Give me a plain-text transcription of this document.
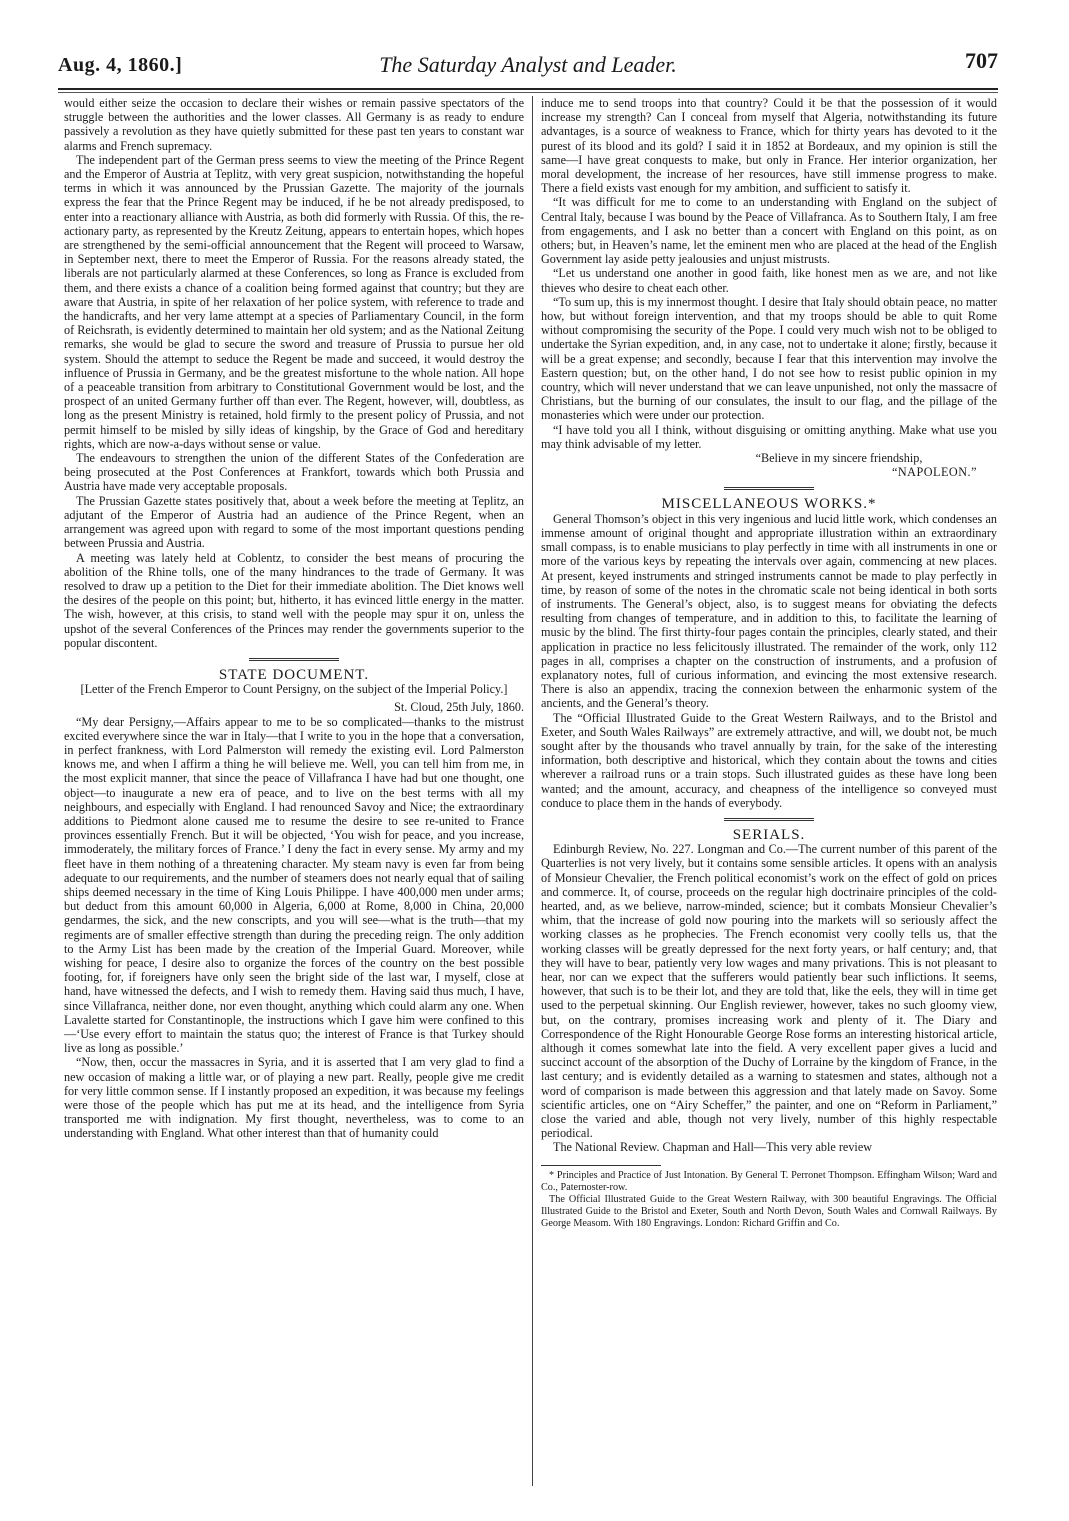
Aug. 4, 1860.]	The Saturday Analyst and Leader.	707

would either seize the occasion to declare their wishes or remain passive spectators of the struggle between the authorities and the lower classes. All Germany is as ready to endure passively a revolution as they have quietly submitted for these past ten years to constant war alarms and French supremacy.

The independent part of the German press seems to view the meeting of the Prince Regent and the Emperor of Austria at Teplitz, with very great suspicion, notwithstanding the hopeful terms in which it was announced by the Prussian Gazette. The majority of the journals express the fear that the Prince Regent may be induced, if he be not already predisposed, to enter into a reactionary alliance with Austria, as both did formerly with Russia. Of this, the re-actionary party, as represented by the Kreutz Zeitung, appears to entertain hopes, which hopes are strengthened by the semi-official announcement that the Regent will proceed to Warsaw, in September next, there to meet the Emperor of Russia. For the reasons already stated, the liberals are not particularly alarmed at these Conferences, so long as France is excluded from them, and there exists a chance of a coalition being formed against that country; but they are aware that Austria, in spite of her relaxation of her police system, with reference to trade and the handicrafts, and her very lame attempt at a species of Parliamentary Council, in the form of Reichsrath, is evidently determined to maintain her old system; and as the National Zeitung remarks, she would be glad to secure the sword and treasure of Prussia to pursue her old system. Should the attempt to seduce the Regent be made and succeed, it would destroy the influence of Prussia in Germany, and be the greatest misfortune to the whole nation. All hope of a peaceable transition from arbitrary to Constitutional Government would be lost, and the prospect of an united Germany further off than ever. The Regent, however, will, doubtless, as long as the present Ministry is retained, hold firmly to the present policy of Prussia, and not permit himself to be misled by silly ideas of kingship, by the Grace of God and hereditary rights, which are now-a-days without sense or value.

The endeavours to strengthen the union of the different States of the Confederation are being prosecuted at the Post Conferences at Frankfort, towards which both Prussia and Austria have made very acceptable proposals.

The Prussian Gazette states positively that, about a week before the meeting at Teplitz, an adjutant of the Emperor of Austria had an audience of the Prince Regent, when an arrangement was agreed upon with regard to some of the most important questions pending between Prussia and Austria.

A meeting was lately held at Coblentz, to consider the best means of procuring the abolition of the Rhine tolls, one of the many hindrances to the trade of Germany. It was resolved to draw up a petition to the Diet for their immediate abolition. The Diet knows well the desires of the people on this point; but, hitherto, it has evinced little energy in the matter. The wish, however, at this crisis, to stand well with the people may spur it on, unless the upshot of the several Conferences of the Princes may render the governments superior to the popular discontent.

STATE DOCUMENT.

[Letter of the French Emperor to Count Persigny, on the subject of the Imperial Policy.]

St. Cloud, 25th July, 1860.

“My dear Persigny,—Affairs appear to me to be so complicated—thanks to the mistrust excited everywhere since the war in Italy—that I write to you in the hope that a conversation, in perfect frankness, with Lord Palmerston will remedy the existing evil. Lord Palmerston knows me, and when I affirm a thing he will believe me. Well, you can tell him from me, in the most explicit manner, that since the peace of Villafranca I have had but one thought, one object—to inaugurate a new era of peace, and to live on the best terms with all my neighbours, and especially with England. I had renounced Savoy and Nice; the extraordinary additions to Piedmont alone caused me to resume the desire to see re-united to France provinces essentially French. But it will be objected, ‘You wish for peace, and you increase, immoderately, the military forces of France.’ I deny the fact in every sense. My army and my fleet have in them nothing of a threatening character. My steam navy is even far from being adequate to our requirements, and the number of steamers does not nearly equal that of sailing ships deemed necessary in the time of King Louis Philippe. I have 400,000 men under arms; but deduct from this amount 60,000 in Algeria, 6,000 at Rome, 8,000 in China, 20,000 gendarmes, the sick, and the new conscripts, and you will see—what is the truth—that my regiments are of smaller effective strength than during the preceding reign. The only addition to the Army List has been made by the creation of the Imperial Guard. Moreover, while wishing for peace, I desire also to organize the forces of the country on the best possible footing, for, if foreigners have only seen the bright side of the last war, I myself, close at hand, have witnessed the defects, and I wish to remedy them. Having said thus much, I have, since Villafranca, neither done, nor even thought, anything which could alarm any one. When Lavalette started for Constantinople, the instructions which I gave him were confined to this—‘Use every effort to maintain the status quo; the interest of France is that Turkey should live as long as possible.’

“Now, then, occur the massacres in Syria, and it is asserted that I am very glad to find a new occasion of making a little war, or of playing a new part. Really, people give me credit for very little common sense. If I instantly proposed an expedition, it was because my feelings were those of the people which has put me at its head, and the intelligence from Syria transported me with indignation. My first thought, nevertheless, was to come to an understanding with England. What other interest than that of humanity could

induce me to send troops into that country? Could it be that the possession of it would increase my strength? Can I conceal from myself that Algeria, notwithstanding its future advantages, is a source of weakness to France, which for thirty years has devoted to it the purest of its blood and its gold? I said it in 1852 at Bordeaux, and my opinion is still the same—I have great conquests to make, but only in France. Her interior organization, her moral development, the increase of her resources, have still immense progress to make. There a field exists vast enough for my ambition, and sufficient to satisfy it.

“It was difficult for me to come to an understanding with England on the subject of Central Italy, because I was bound by the Peace of Villafranca. As to Southern Italy, I am free from engagements, and I ask no better than a concert with England on this point, as on others; but, in Heaven’s name, let the eminent men who are placed at the head of the English Government lay aside petty jealousies and unjust mistrusts.

“Let us understand one another in good faith, like honest men as we are, and not like thieves who desire to cheat each other.

“To sum up, this is my innermost thought. I desire that Italy should obtain peace, no matter how, but without foreign intervention, and that my troops should be able to quit Rome without compromising the security of the Pope. I could very much wish not to be obliged to undertake the Syrian expedition, and, in any case, not to undertake it alone; firstly, because it will be a great expense; and secondly, because I fear that this intervention may involve the Eastern question; but, on the other hand, I do not see how to resist public opinion in my country, which will never understand that we can leave unpunished, not only the massacre of Christians, but the burning of our consulates, the insult to our flag, and the pillage of the monasteries which were under our protection.

“I have told you all I think, without disguising or omitting anything. Make what use you may think advisable of my letter.

“Believe in my sincere friendship,

“NAPOLEON.”

MISCELLANEOUS WORKS.*

General Thomson’s object in this very ingenious and lucid little work, which condenses an immense amount of original thought and appropriate illustration within an extraordinary small compass, is to enable musicians to play perfectly in time with all instruments in one or more of the various keys by repeating the intervals over again, commencing at new places. At present, keyed instruments and stringed instruments cannot be made to play perfectly in time, by reason of some of the notes in the chromatic scale not being identical in both sorts of instruments. The General’s object, also, is to suggest means for obviating the defects resulting from changes of temperature, and in addition to this, to facilitate the learning of music by the blind. The first thirty-four pages contain the principles, clearly stated, and their application in practice no less felicitously illustrated. The remainder of the work, only 112 pages in all, comprises a chapter on the construction of instruments, and a profusion of explanatory notes, full of curious information, and evincing the most extensive research. There is also an appendix, tracing the connexion between the enharmonic system of the ancients, and the General’s theory.

The “Official Illustrated Guide to the Great Western Railways, and to the Bristol and Exeter, and South Wales Railways” are extremely attractive, and will, we doubt not, be much sought after by the thousands who travel annually by train, for the sake of the interesting information, both descriptive and historical, which they contain about the towns and cities wherever a railroad runs or a train stops. Such illustrated guides as these have long been wanted; and the amount, accuracy, and cheapness of the intelligence so conveyed must conduce to place them in the hands of everybody.

SERIALS.

Edinburgh Review, No. 227. Longman and Co.—The current number of this parent of the Quarterlies is not very lively, but it contains some sensible articles. It opens with an analysis of Monsieur Chevalier, the French political economist’s work on the effect of gold on prices and commerce. It, of course, proceeds on the regular high doctrinaire principles of the cold-hearted, and, as we believe, narrow-minded, science; but it combats Monsieur Chevalier’s whim, that the increase of gold now pouring into the markets will so seriously affect the working classes as he prophecies. The French economist very coolly tells us, that the working classes will be greatly depressed for the next forty years, or half century; and, that they will have to bear, patiently very low wages and many privations. This is not pleasant to hear, nor can we expect that the sufferers would patiently bear such inflictions. It seems, however, that such is to be their lot, and they are told that, like the eels, they will in time get used to the perpetual skinning. Our English reviewer, however, takes no such gloomy view, but, on the contrary, promises increasing work and plenty of it. The Diary and Correspondence of the Right Honourable George Rose forms an interesting historical article, although it comes somewhat late into the field. A very excellent paper gives a lucid and succinct account of the absorption of the Duchy of Lorraine by the kingdom of France, in the last century; and is evidently detailed as a warning to statesmen and states, although not a word of comparison is made between this aggression and that lately made on Savoy. Some scientific articles, one on “Airy Scheffer,” the painter, and one on “Reform in Parliament,” close the varied and able, though not very lively, number of this highly respectable periodical.

The National Review. Chapman and Hall—This very able review

* Principles and Practice of Just Intonation. By General T. Perronet Thompson. Effingham Wilson; Ward and Co., Paternoster-row.

The Official Illustrated Guide to the Great Western Railway, with 300 beautiful Engravings. The Official Illustrated Guide to the Bristol and Exeter, South and North Devon, South Wales and Cornwall Railways. By George Measom. With 180 Engravings. London: Richard Griffin and Co.
